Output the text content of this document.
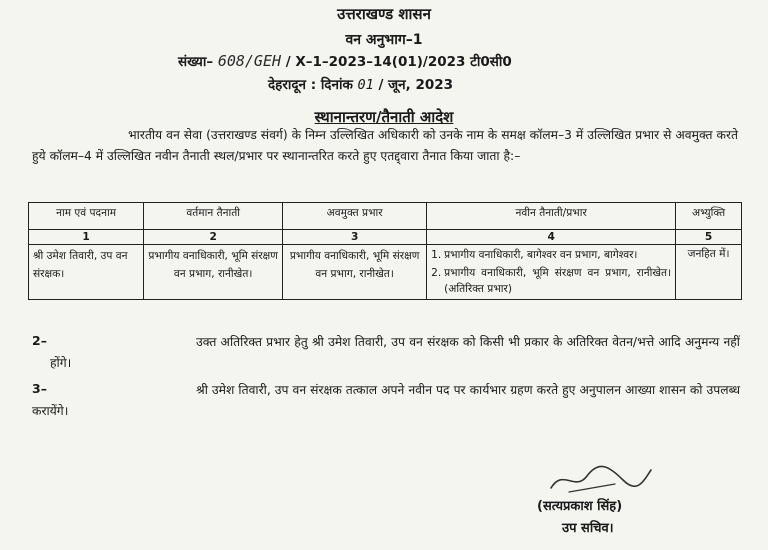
उत्तराखण्ड शासन
वन अनुभाग–1
संख्या– 608/GEH / X–1–2023–14(01)/2023 टी0सी0
देहरादून : दिनांक 01 / जून, 2023
स्थानान्तरण/तैनाती आदेश
भारतीय वन सेवा (उत्तराखण्ड संवर्ग) के निम्न उल्लिखित अधिकारी को उनके नाम के समक्ष कॉलम–3 में उल्लिखित प्रभार से अवमुक्त करते हुये कॉलम–4 में उल्लिखित नवीन तैनाती स्थल/प्रभार पर स्थानान्तरित करते हुए एतद्द्वारा तैनात किया जाता है:–
नाम एवं पदनाम	वर्तमान तैनाती	अवमुक्त प्रभार	नवीन तैनाती/प्रभार	अभ्युक्ति
1	2	3	4	5
श्री उमेश तिवारी, उप वन संरक्षक।	प्रभागीय वनाधिकारी, भूमि संरक्षण वन प्रभाग, रानीखेत।	प्रभागीय वनाधिकारी, भूमि संरक्षण वन प्रभाग, रानीखेत।	1. प्रभागीय वनाधिकारी, बागेश्वर वन प्रभाग, बागेश्वर।
2. प्रभागीय वनाधिकारी, भूमि संरक्षण वन प्रभाग, रानीखेत। (अतिरिक्त प्रभार)	जनहित में।
2–	उक्त अतिरिक्त प्रभार हेतु श्री उमेश तिवारी, उप वन संरक्षक को किसी भी प्रकार के अतिरिक्त वेतन/भत्ते आदि अनुमन्य नहीं होंगे।
3–	श्री उमेश तिवारी, उप वन संरक्षक तत्काल अपने नवीन पद पर कार्यभार ग्रहण करते हुए अनुपालन आख्या शासन को उपलब्ध करायेंगे।
(सत्यप्रकाश सिंह)
उप सचिव।
